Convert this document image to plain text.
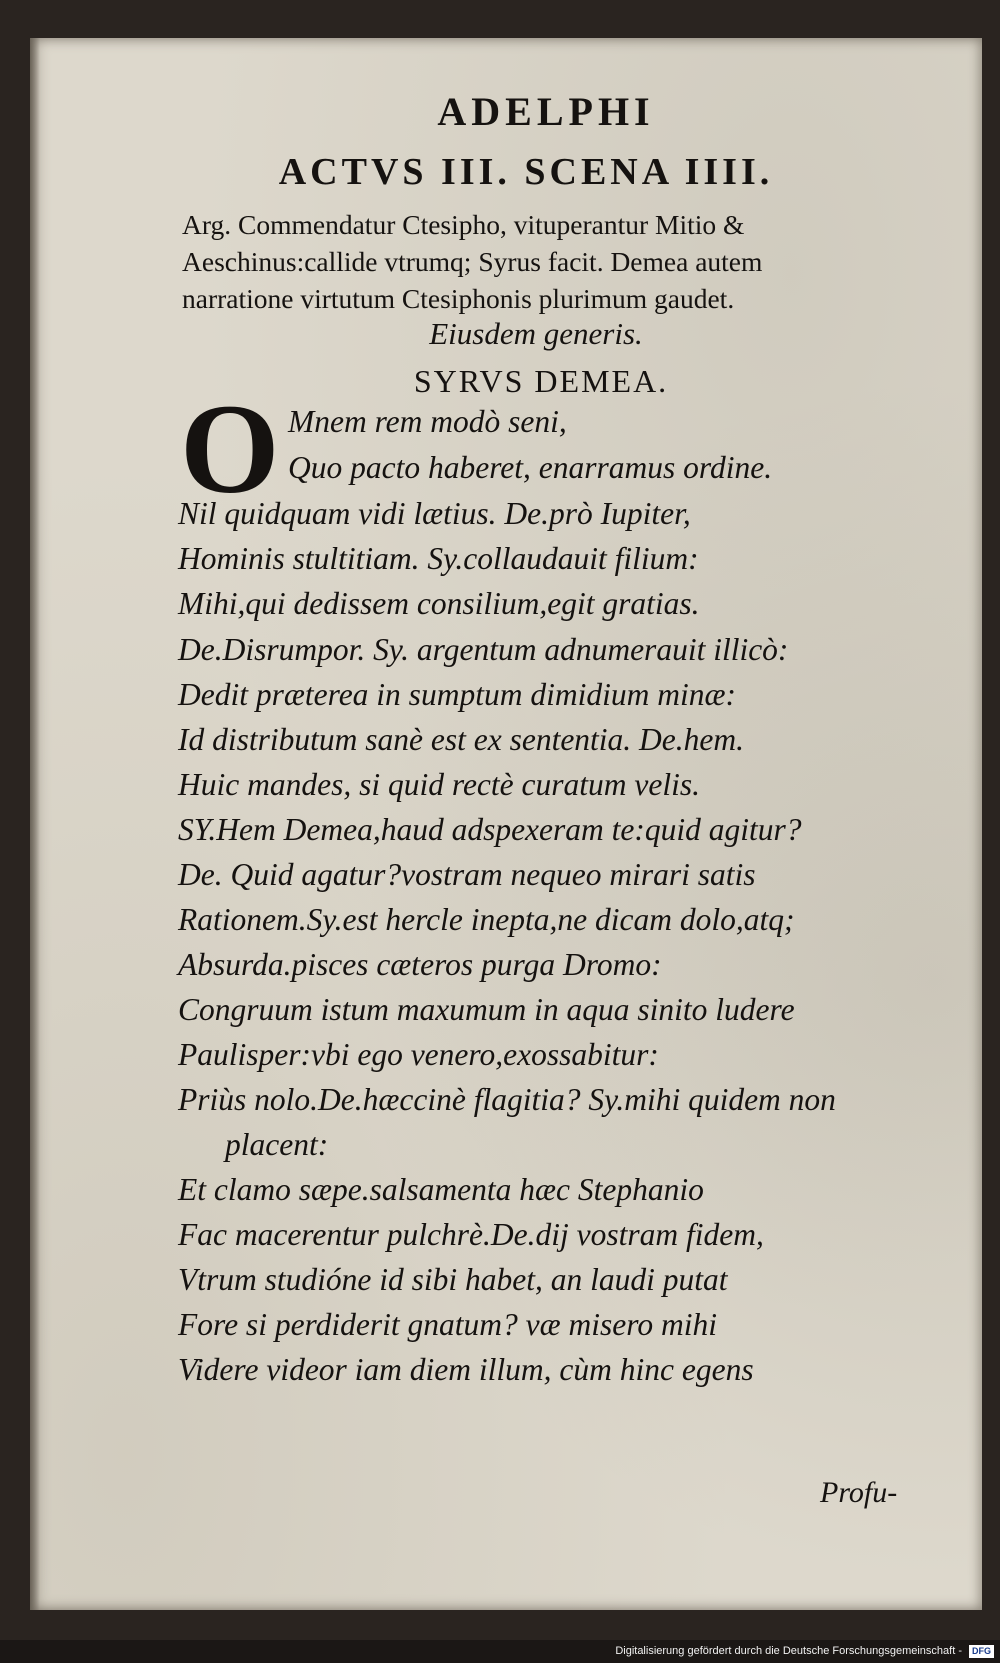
ADELPHI
ACTVS III. SCENA IIII.
Arg. Commendatur Ctesipho, vituperantur Mitio &
Aeschinus:callide vtrumq; Syrus facit. Demea autem
narratione virtutum Ctesiphonis plurimum gaudet.
Eiusdem generis.
SYRVS DEMEA.
O Mnem rem modò seni,
Quo pacto haberet, enarramus ordine.
Nil quidquam vidi lætius. De.prò Iupiter,
Hominis stultitiam. Sy.collaudauit filium:
Mihi,qui dedissem consilium,egit gratias.
De.Disrumpor. Sy. argentum adnumerauit illicò:
Dedit præterea in sumptum dimidium minæ:
Id distributum sanè est ex sententia. De.hem.
Huic mandes, si quid rectè curatum velis.
SY.Hem Demea,haud adspexeram te:quid agitur?
De. Quid agatur?vostram nequeo mirari satis
Rationem.Sy.est hercle inepta,ne dicam dolo,atq;
Absurda.pisces cæteros purga Dromo:
Congruum istum maxumum in aqua sinito ludere
Paulisper:vbi ego venero,exossabitur:
Priùs nolo.De.hæccinè flagitia? Sy.mihi quidem non
placent:
Et clamo sæpe.salsamenta hæc Stephanio
Fac macerentur pulchrè.De.dij vostram fidem,
Vtrum studióne id sibi habet, an laudi putat
Fore si perdiderit gnatum? væ misero mihi
Videre videor iam diem illum, cùm hinc egens
Profu-
Digitalisierung gefördert durch die Deutsche Forschungsgemeinschaft -	DFG
